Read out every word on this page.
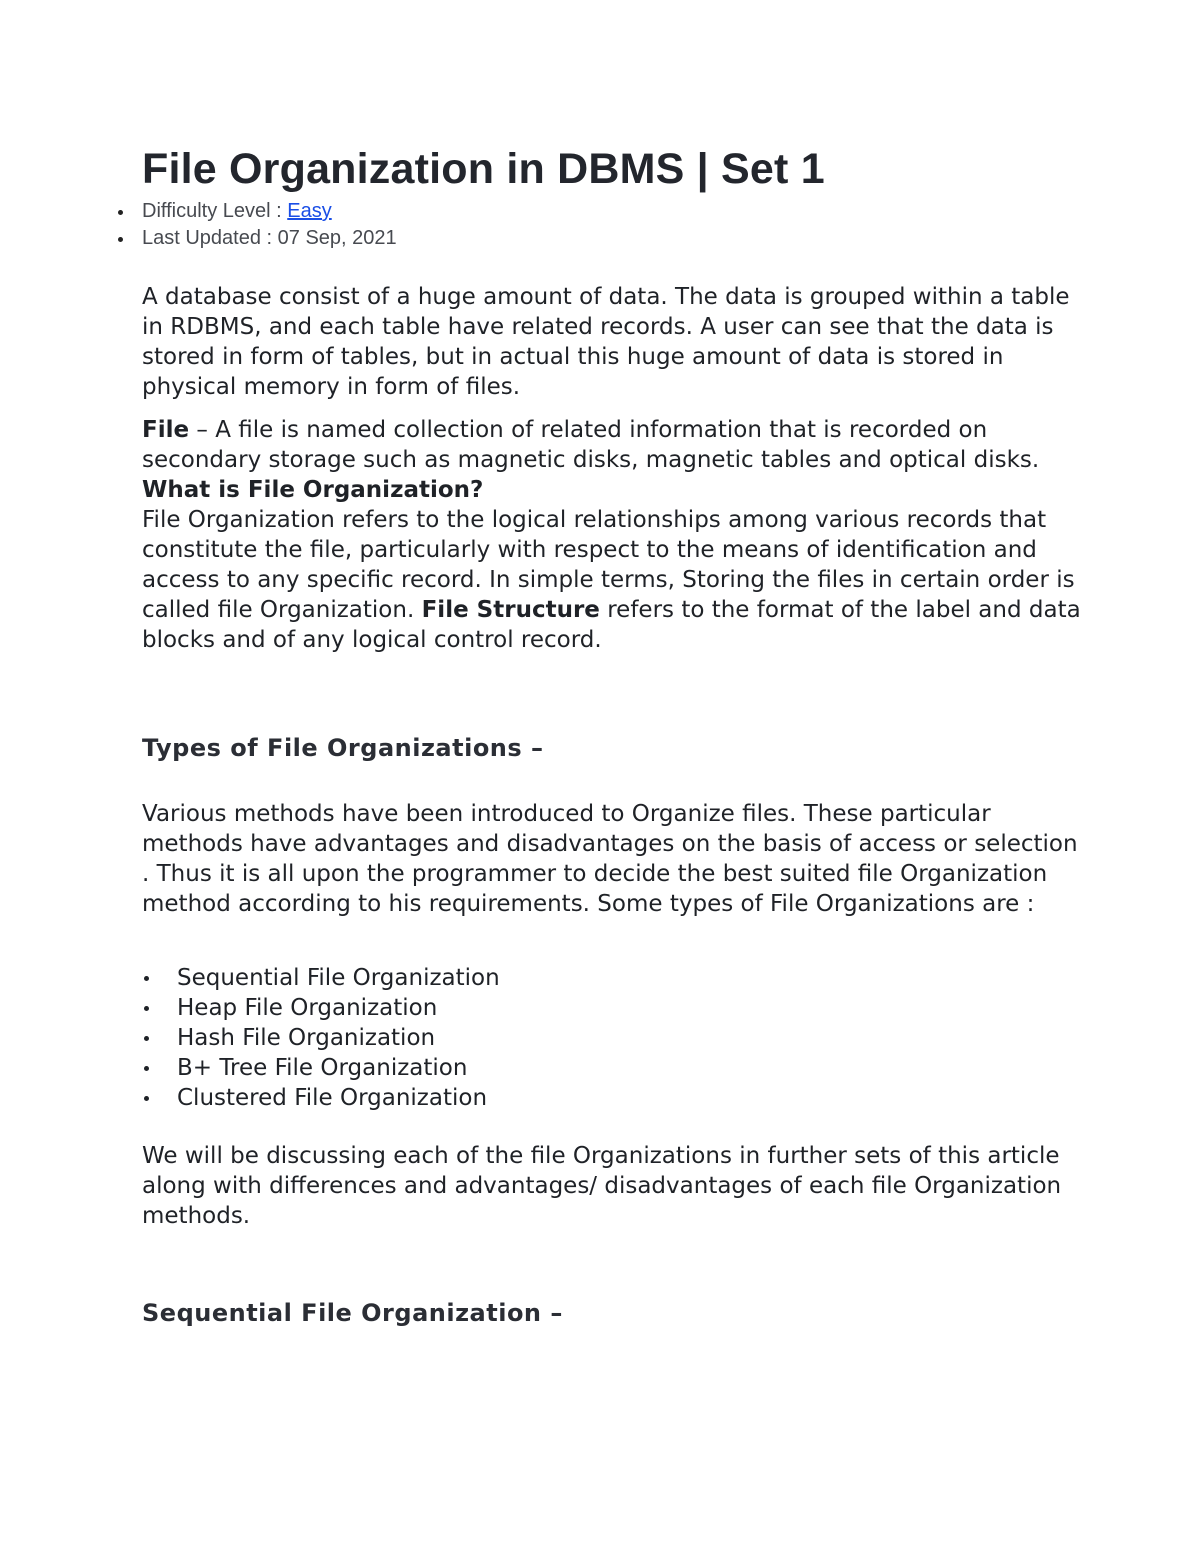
File Organization in DBMS | Set 1
Difficulty Level : Easy
Last Updated : 07 Sep, 2021

A database consist of a huge amount of data. The data is grouped within a table in RDBMS, and each table have related records. A user can see that the data is stored in form of tables, but in actual this huge amount of data is stored in physical memory in form of files.

File – A file is named collection of related information that is recorded on secondary storage such as magnetic disks, magnetic tables and optical disks.

What is File Organization?

File Organization refers to the logical relationships among various records that constitute the file, particularly with respect to the means of identification and access to any specific record. In simple terms, Storing the files in certain order is called file Organization. File Structure refers to the format of the label and data blocks and of any logical control record.

Types of File Organizations –

Various methods have been introduced to Organize files. These particular methods have advantages and disadvantages on the basis of access or selection . Thus it is all upon the programmer to decide the best suited file Organization method according to his requirements. Some types of File Organizations are :

Sequential File Organization
Heap File Organization
Hash File Organization
B+ Tree File Organization
Clustered File Organization

We will be discussing each of the file Organizations in further sets of this article along with differences and advantages/ disadvantages of each file Organization methods.

Sequential File Organization –
